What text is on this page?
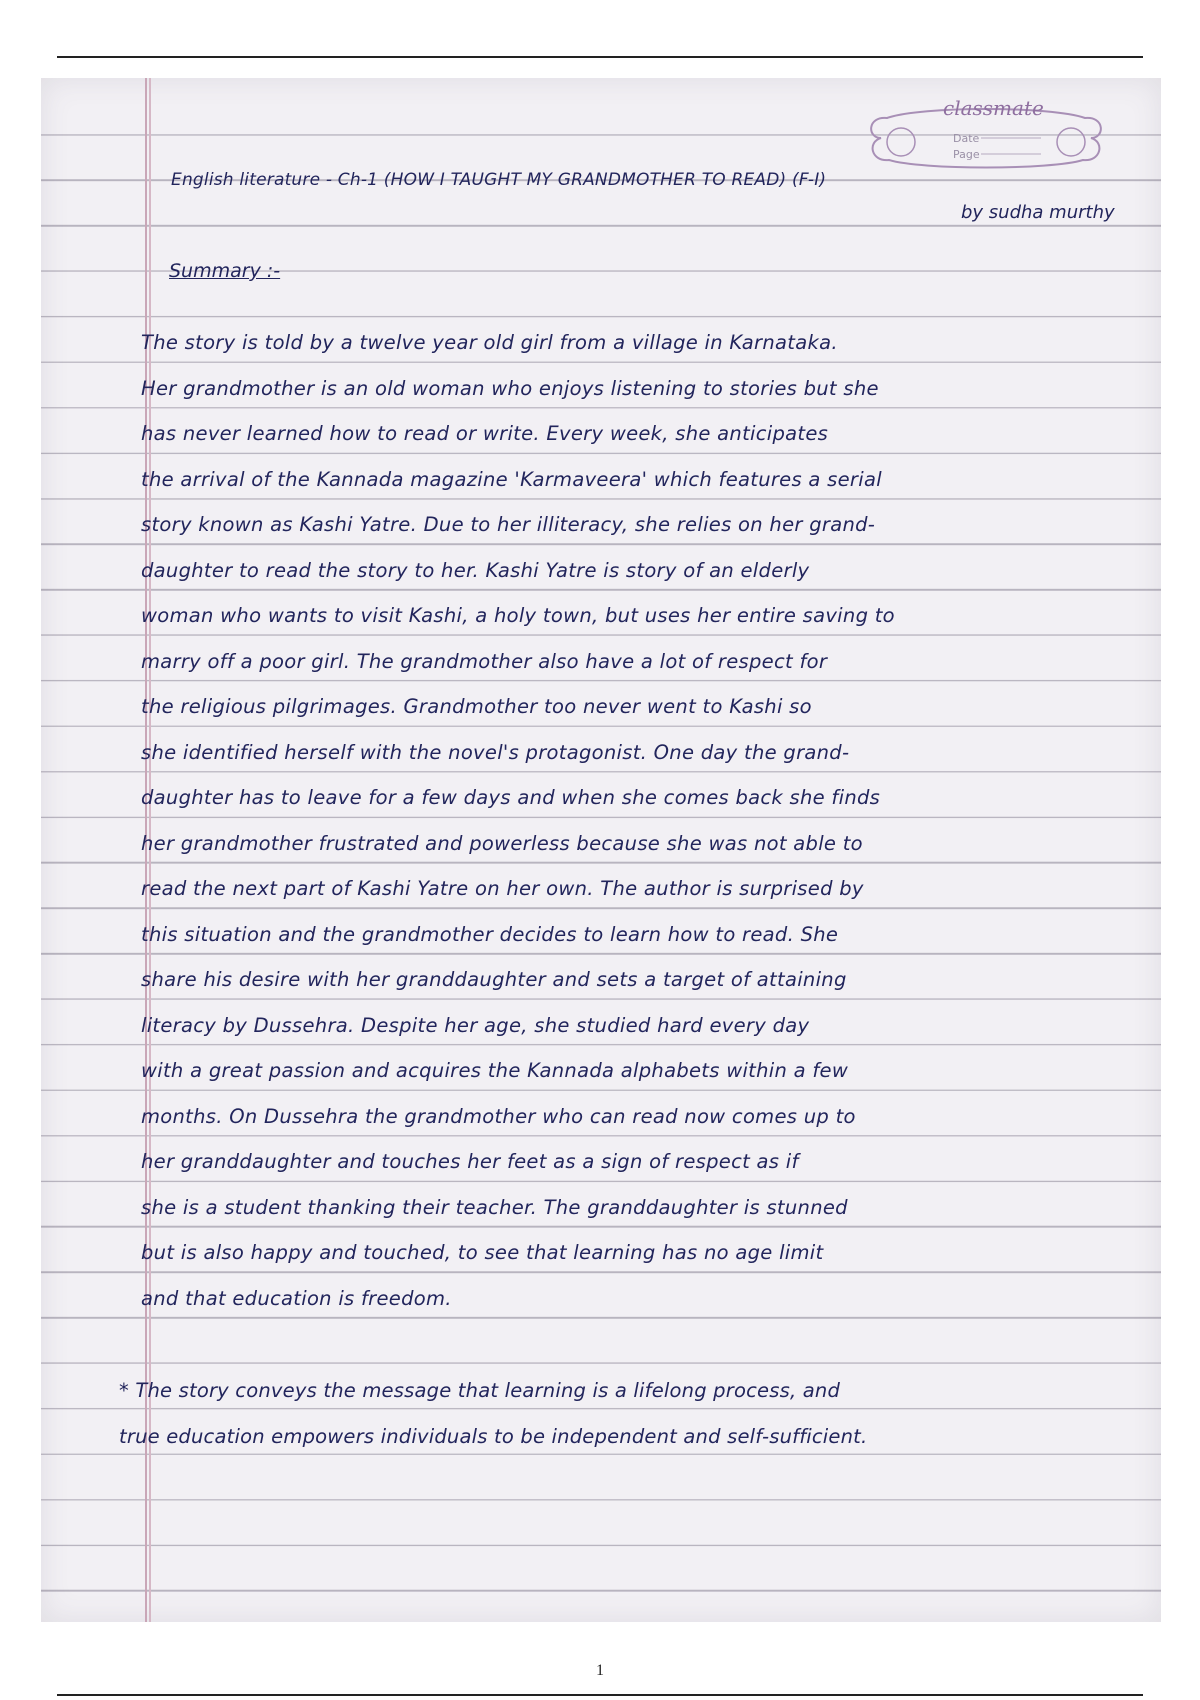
classmate
Date
Page
English literature - Ch-1 (HOW I TAUGHT MY GRANDMOTHER TO READ) (F-I)
by sudha murthy
Summary :-
The story is told by a twelve year old girl from a village in Karnataka.
Her grandmother is an old woman who enjoys listening to stories but she
has never learned how to read or write. Every week, she anticipates
the arrival of the Kannada magazine 'Karmaveera' which features a serial
story known as Kashi Yatre. Due to her illiteracy, she relies on her grand-
daughter to read the story to her. Kashi Yatre is story of an elderly
woman who wants to visit Kashi, a holy town, but uses her entire saving to
marry off a poor girl. The grandmother also have a lot of respect for
the religious pilgrimages. Grandmother too never went to Kashi so
she identified herself with the novel's protagonist. One day the grand-
daughter has to leave for a few days and when she comes back she finds
her grandmother frustrated and powerless because she was not able to
read the next part of Kashi Yatre on her own. The author is surprised by
this situation and the grandmother decides to learn how to read. She
share his desire with her granddaughter and sets a target of attaining
literacy by Dussehra. Despite her age, she studied hard every day
with a great passion and acquires the Kannada alphabets within a few
months. On Dussehra the grandmother who can read now comes up to
her granddaughter and touches her feet as a sign of respect as if
she is a student thanking their teacher. The granddaughter is stunned
but is also happy and touched, to see that learning has no age limit
and that education is freedom.
* The story conveys the message that learning is a lifelong process, and
true education empowers individuals to be independent and self-sufficient.
1
